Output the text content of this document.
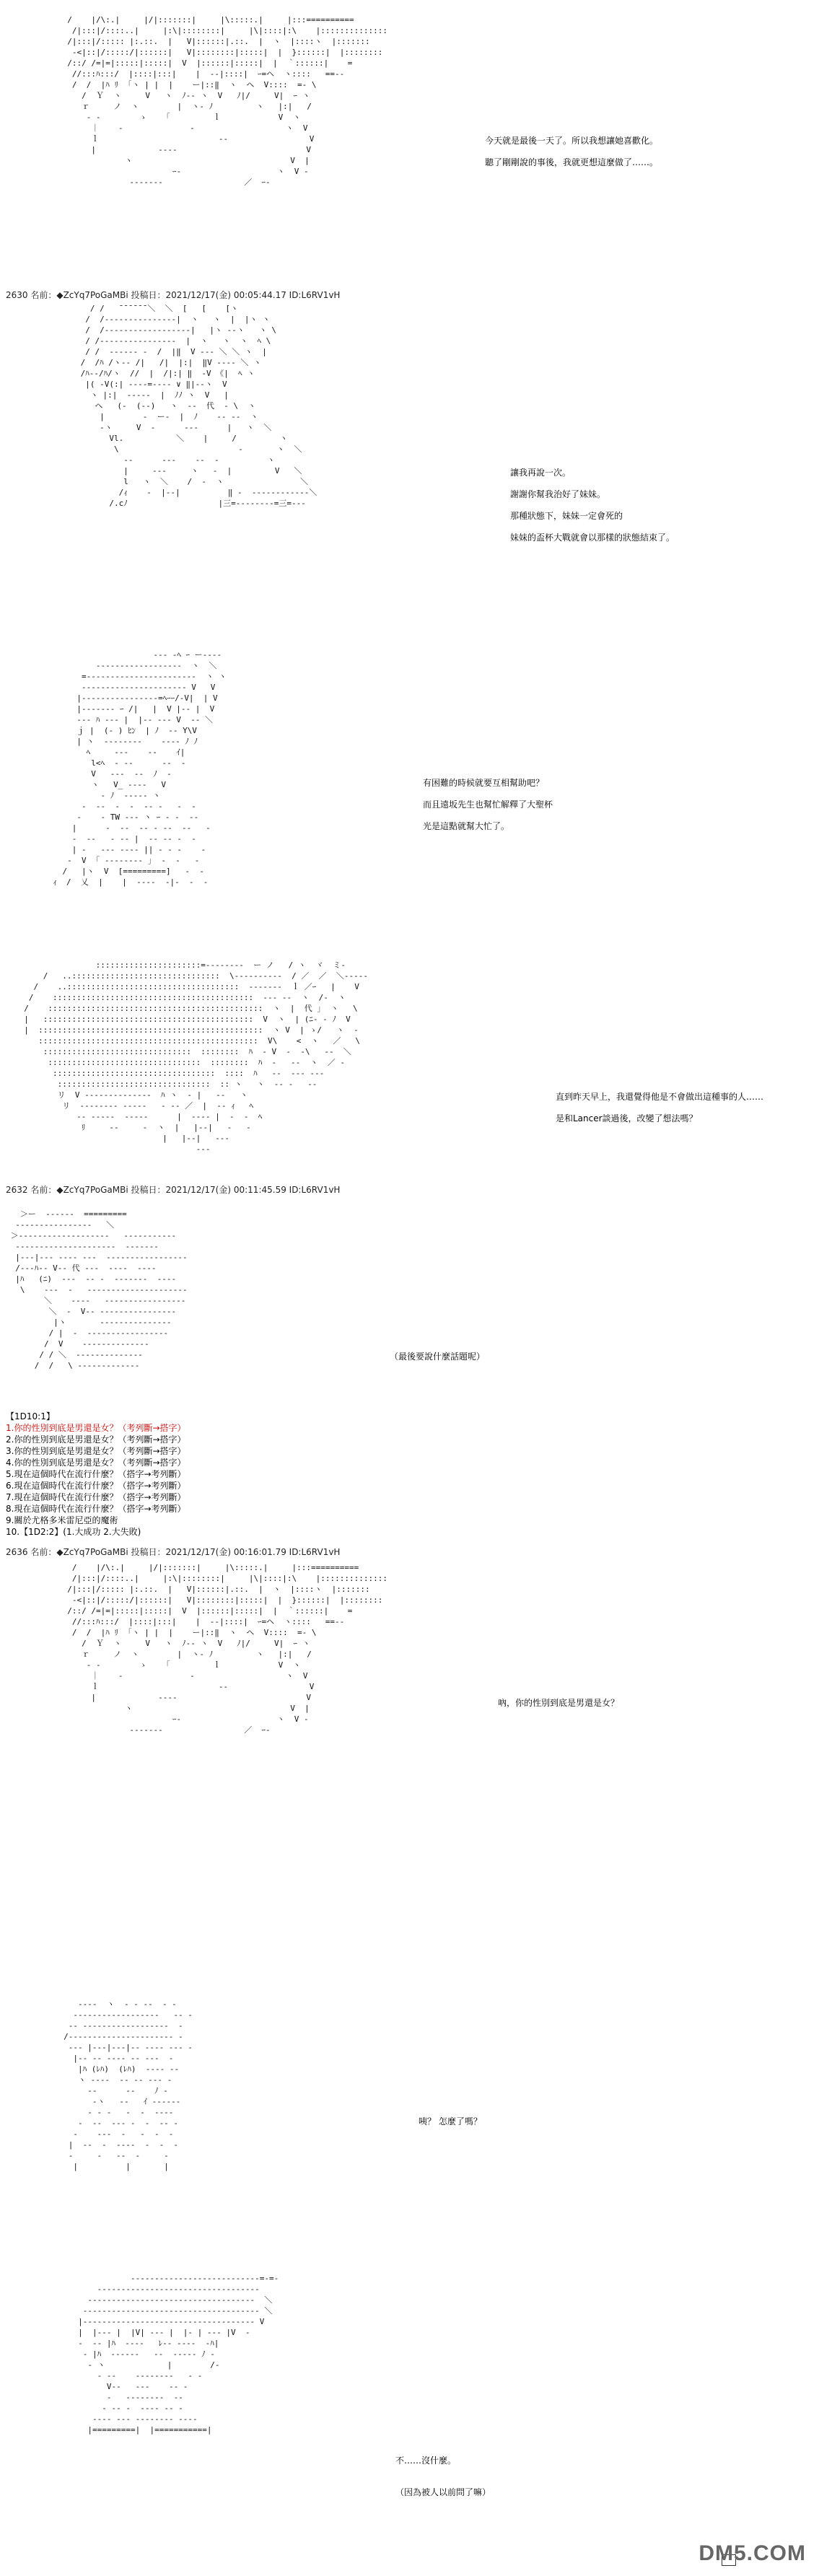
/    |/\:.|     |/|:::::::|     |\:::::.|     |:::==========
/|:::|/::::..|     |:\|::::::::|     |\|::::|:\    |::::::::::::::
/|:::|/::::: |:.::.  |   V|::::::|.::.  |  ヽ  |::::ヽ  |:::::::
‐<|::|/:::::/|::::::|   V|::::::::|:::::|  |  }::::::|  |::::::::
/::/ /=|=|:::::|:::::|  V  |::::::|:::::|  |  ｀::::::|    =
//:::ﾊ:::/  |::::|:::|    |  ‐‐|::::|  ｰ=ヘ  ヽ::::   ==‐‐
/  /  |ﾊ ﾘ  ｢ヽ | |  |    ー|::‖  ヽ  ヘ  V::::  =‐ \
/  Ｙ  ヽ     V   ヽ  ﾉ‐‐ ヽ  V   ﾉ|/     V|  ｰ ヽ
ｒ     ノ  ヽ        |  ヽ‐ ﾉ         ヽ   |:|   /
‐ ‐        ゝ    ｢         ｌ            V  ヽ
｜    ‐              ‐                   ヽ  V
ｌ                         ‐‐                 V
|             ‐‐‐‐                           V
ヽ                                 V  |
ｰ‐                    ヽ  V ‐
‐‐‐‐‐‐‐                 ／  ｰ‐
今天就是最後一天了。所以我想讓她喜歡化。
聽了剛剛說的事後，我就更想這麼做了……。
2630 名前：◆ZcYq7PoGaMBi 投稿日：2021/12/17(金) 00:05:44.17 ID:L6RV1vH
/ /   ̄ ̄ ̄ ̄ ̄ ̄ ＼  ＼  [   [    [ヽ
/  /‐‐‐‐‐‐‐‐‐‐‐‐‐‐‐|  ヽ   ヽ  |  |ヽ ヽ
/  /‐‐‐‐‐‐‐‐‐‐‐‐‐‐‐‐‐‐|   |ヽ ‐‐ヽ   ヽ \
/ /‐‐‐‐‐‐‐‐‐‐‐‐‐‐‐‐  |  ヽ   ヽ  ヽ  ﾍ \
/ /  ‐‐‐‐‐‐ ‐  /  |‖  V ‐‐‐ ＼ ＼ ヽ  |
/  /ﾊ /ヽ‐‐ /|   /|  |:|  ‖V ‐‐‐‐ ＼ ヽ
/ﾊ‐‐/ﾊ/ヽ  //  |  /|:| ‖  ‐V 《|  ﾍ ヽ
|( ‐V(:| ‐‐‐‐=‐‐‐‐ ∨ ‖|‐‐ヽ  V
ヽ |:|  ‐‐‐‐‐  |  ﾉﾉ ヽ  V   |
ヘ   (‐  (‐‐)   ヽ  ‐‐  代  ‐ \  ヽ
|        ‐  ー‐  |  ﾉ    ‐‐ ‐‐  ヽ
‐ヽ     V  ‐      ‐‐‐      |   ヽ  ＼
Vl.           ＼    |     /         ヽ
\                         ‐       ヽ  ＼
‐‐      ‐‐‐    ‐‐  ‐          ヽ
|     ‐‐‐     ヽ   ‐  |         V   ＼
l   ヽ  ＼    /  ‐  ヽ                ＼
/ｨ    ‐  |‐‐|          ‖ ‐  ‐‐‐‐‐‐‐‐‐‐‐‐＼
/.cﾉ                   |三=‐‐‐‐‐‐‐‐=三=‐‐‐
讓我再說一次。
謝謝你幫我治好了妹妹。
那種狀態下，妹妹一定會死的
妹妹的盃杯大戰就會以那樣的狀態結束了。
‐‐‐ ‐ﾍ ｰ ー‐‐‐‐
‐‐‐‐‐‐‐‐‐‐‐‐‐‐‐‐‐‐  ヽ  ＼
=‐‐‐‐‐‐‐‐‐‐‐‐‐‐‐‐‐‐‐‐‐‐‐  ヽ ヽ
‐‐‐‐‐‐‐‐‐‐‐‐‐‐‐‐‐‐‐‐‐‐ V   V
|‐‐‐‐‐‐‐‐‐‐‐‐‐‐‐‐=ﾍｰｰ/‐V|  | V
|‐‐‐‐‐‐‐ ｰ /|   |  V |‐‐ |  V
‐‐‐ ﾊ ‐‐‐ |  |‐‐ ‐‐‐ V  ‐‐ ＼
ｊ |  (‐ ) ﾋﾝ  | ﾉ  ‐‐ Y\V
| ヽ  ‐‐‐‐‐‐‐‐    ‐‐‐‐ ﾉ ﾉ
ﾍ     ‐‐‐    ‐‐    ｲ|
l<ﾍ  ‐ ‐‐      ‐‐  ‐
V   ‐‐‐  ‐‐  ﾉ  ‐
ヽ   V_ ‐‐‐‐   V
‐ ﾉ  ‐‐‐‐‐ ヽ
‐  ‐‐  ‐  ‐  ‐‐ ‐   ‐  ‐
‐    ‐ TW ‐‐‐ ヽ ｰ ‐ ‐  ‐‐
|      ‐  ‐‐  ‐‐ ‐ ‐‐  ‐‐   ‐
‐  ‐‐   ‐ ‐‐ |  ‐‐ ‐‐ ‐  ‐
| ‐   ‐‐‐ ‐‐‐‐ || ‐ ‐ ‐    ‐
‐  V  ｢ ‐‐‐‐‐‐‐‐ ｣  ‐  ‐   ‐
/   |ヽ  V  [=========]   ‐  ‐
ｨ  /  乂  |    |  ‐‐‐‐  ‐|‐  ‐  ‐
有困難的時候就要互相幫助吧？
而且遠坂先生也幫忙解釋了大聖杯
光是這點就幫大忙了。
::::::::::::::::::::::=‐‐‐‐‐‐‐‐  ー ノ   / ヽ  ヾ  ミ‐
/   ..:::::::::::::::::::::::::::::::  \‐‐‐‐‐‐‐‐‐‐  / ／  ／  ＼‐‐‐‐‐
/    ..::::::::::::::::::::::::::::::::::::  ‐‐‐‐‐‐‐  ｌ ／ｰ   |    V
/    ::::::::::::::::::::::::::::::::::::::::::  ‐‐‐ ‐‐  ヽ  /‐  ヽ
/    :::::::::::::::::::::::::::::::::::::::::::::  ヽ  |  代 ｣  ヽ   \
|   ::::::::::::::::::::::::::::::::::::::::::::  V  ヽ  | (ﾆ‐ ‐ ﾉ  V
|  :::::::::::::::::::::::::::::::::::::::::::::::  ヽ V  | ゝ/   ヽ  ‐
::::::::::::::::::::::::::::::::::::::::::::::  V\    <  ヽ   ／   \
:::::::::::::::::::::::::::::::  ::::::::  ﾊ  ‐ V  ‐  ‐\   ‐‐  ＼
::::::::::::::::::::::::::::::::  ::::::::  ﾊ  ‐   ‐‐  ヽ  ／ ‐
::::::::::::::::::::::::::::::::::  ::::  ﾊ   ‐‐  ‐‐‐ ‐‐‐
::::::::::::::::::::::::::::::::  :: ヽ   ヽ  ‐‐ ‐   ‐‐
リ  V ‐‐‐‐‐‐‐‐‐‐‐‐‐‐  ﾊ ヽ  ‐ |   ‐‐   ヽ
リ  ‐‐‐‐‐‐‐‐ ‐‐‐‐‐   ‐ ‐‐ ／  |  ‐‐ ｨ   ﾍ
‐‐ ‐‐‐‐‐  ‐‐‐‐‐      |  ‐‐‐‐ |  ‐  ‐  ﾍ
ﾘ     ‐‐     ‐  ヽ  |   |‐‐|   ‐   ‐
|   |‐‐|   ‐‐‐
‐‐‐
直到昨天早上，我還覺得他是不會做出這種事的人……
是和Lancer談過後，改變了想法嗎？
2632 名前：◆ZcYq7PoGaMBi 投稿日：2021/12/17(金) 00:11:45.59 ID:L6RV1vH
＞ー  ‐‐‐‐‐‐  =========
‐‐‐‐‐‐‐‐‐‐‐‐‐‐‐‐   ＼
＞‐‐‐‐‐‐‐‐‐‐‐‐‐‐‐‐‐‐‐   ‐‐‐‐‐‐‐‐‐‐‐
‐‐‐‐‐‐‐‐‐‐‐‐‐‐‐‐‐‐‐‐‐  ‐‐‐‐‐‐‐
|‐‐‐|‐‐‐ ‐‐‐‐ ‐‐‐  ‐‐‐‐‐‐‐‐‐‐‐‐‐‐‐‐‐
/‐‐‐ﾊ‐‐ V‐‐ 代 ‐‐‐  ‐‐‐‐  ‐‐‐‐
|ﾊ   (ﾆ)  ‐‐‐  ‐‐ ‐  ‐‐‐‐‐‐‐  ‐‐‐‐
\    ‐‐‐  ‐   ‐‐‐‐‐‐‐‐‐‐‐‐‐‐‐‐‐‐‐‐‐
＼    ‐‐‐‐   ‐‐‐‐‐‐‐‐‐‐‐‐‐‐‐‐‐
＼  ‐  V‐‐ ‐‐‐‐‐‐‐‐‐‐‐‐‐‐‐‐
|ヽ       ‐‐‐‐‐‐‐‐‐‐‐‐‐‐‐
/ |  ‐  ‐‐‐‐‐‐‐‐‐‐‐‐‐‐‐‐‐
/  V    ‐‐‐‐‐‐‐‐‐‐‐‐‐‐
/ / ＼  ‐‐‐‐‐‐‐‐‐‐‐‐‐‐
/  /   \ ‐‐‐‐‐‐‐‐‐‐‐‐‐
（最後要說什麼話題呢）
【1D10:1】
1.你的性別到底是男還是女？（考列斷→搭字）
2.你的性別到底是男還是女？（考列斷→搭字）
3.你的性別到底是男還是女？（考列斷→搭字）
4.你的性別到底是男還是女？（考列斷→搭字）
5.現在這個時代在流行什麼？（搭字→考列斷）
6.現在這個時代在流行什麼？（搭字→考列斷）
7.現在這個時代在流行什麼？（搭字→考列斷）
8.現在這個時代在流行什麼？（搭字→考列斷）
9.關於尤格多米雷尼亞的魔術
10.【1D2:2】(1.大成功 2.大失敗)
2636 名前：◆ZcYq7PoGaMBi 投稿日：2021/12/17(金) 00:16:01.79 ID:L6RV1vH
/    |/\:.|     |/|:::::::|     |\:::::.|     |:::==========
/|:::|/::::..|     |:\|::::::::|     |\|::::|:\    |::::::::::::::
/|:::|/::::: |:.::.  |   V|::::::|.::.  |  ヽ  |::::ヽ  |:::::::
‐<|::|/:::::/|::::::|   V|::::::::|:::::|  |  }::::::|  |::::::::
/::/ /=|=|:::::|:::::|  V  |::::::|:::::|  |  ｀::::::|    =
//:::ﾊ:::/  |::::|:::|    |  ‐‐|::::|  ｰ=ヘ  ヽ::::   ==‐‐
/  /  |ﾊ ﾘ  ｢ヽ | |  |    ー|::‖  ヽ  ヘ  V::::  =‐ \
/  Ｙ  ヽ     V   ヽ  ﾉ‐‐ ヽ  V   ﾉ|/     V|  ｰ ヽ
ｒ     ノ  ヽ        |  ヽ‐ ﾉ         ヽ   |:|   /
‐ ‐        ゝ    ｢         ｌ            V  ヽ
｜    ‐              ‐                   ヽ  V
ｌ                         ‐‐                 V
|             ‐‐‐‐                           V
ヽ                                 V  |
ｰ‐                    ヽ  V ‐
‐‐‐‐‐‐‐                 ／  ｰ‐
吶，你的性別到底是男還是女？
‐‐‐‐  ヽ  ‐ ‐ ‐‐  ‐ ‐
‐‐‐‐‐‐‐‐‐‐‐‐‐‐‐‐‐‐   ‐‐ ‐
‐‐ ‐‐‐‐‐‐‐‐‐‐‐‐‐‐‐‐‐‐  ‐
/‐‐‐‐‐‐‐‐‐‐‐‐‐‐‐‐‐‐‐‐‐‐ ‐
‐‐‐ |‐‐‐|‐‐‐|‐‐ ‐‐‐‐ ‐‐‐ ‐
|‐‐ ‐‐ ‐‐‐‐ ‐‐ ‐‐‐  ‐
|ﾊ (ﾚﾊ)  (ﾚﾊ)  ‐‐‐‐ ‐‐
ヽ ‐‐‐‐  ‐‐ ‐‐ ‐‐‐ ‐
‐‐      ‐‐    ﾉ ‐
‐ヽ   ‐‐   ｲ ‐‐‐‐‐‐
‐ ‐ ‐   ‐  ‐  ‐‐‐‐
‐  ‐‐  ‐‐‐ ‐  ‐  ‐‐ ‐
‐    ‐‐‐  ‐   ‐  ‐  ‐
|  ‐‐  ‐  ‐‐‐‐  ‐  ‐  ‐
‐     ‐   ‐‐  ‐     ‐
|          |       |
咦？ 怎麼了嗎？
‐‐‐‐‐‐‐‐‐‐‐‐‐‐‐‐‐‐‐‐‐‐‐‐‐‐‐=‐=‐
‐‐‐‐‐‐‐‐‐‐‐‐‐‐‐‐‐‐‐‐‐‐‐‐‐‐‐‐‐‐‐‐‐‐
‐‐‐‐‐‐‐‐‐‐‐‐‐‐‐‐‐‐‐‐‐‐‐‐‐‐‐‐‐‐‐‐‐‐‐  ＼
‐‐‐‐‐‐‐‐‐‐‐‐‐‐‐‐‐‐‐‐‐‐‐‐‐‐‐‐‐‐‐‐‐‐‐‐‐ ＼
|‐‐‐‐‐‐‐‐‐‐‐‐‐‐‐‐‐‐‐‐‐‐‐‐‐‐‐‐‐‐‐‐‐‐‐‐ V
|  |‐‐‐ |  |V| ‐‐‐ |  |‐ | ‐‐‐ |V  ‐
‐  ‐‐ |ﾊ  ‐‐‐‐   ﾚ‐‐ ‐‐‐‐  ‐ﾊ|
‐ |ﾊ  ‐‐‐‐‐‐   ‐‐  ‐‐‐‐‐ ﾉ ‐
‐ ヽ             |        /‐
‐ ‐‐    ‐‐‐‐‐‐‐‐   ‐ ‐
V‐‐   ‐‐‐    ‐‐ ‐
‐   ‐‐‐‐‐‐‐‐  ‐‐
‐ ‐‐ ‐  ‐‐‐‐ ‐‐ ‐
‐‐‐‐ ‐‐‐ ‐‐‐‐‐‐‐‐ ‐‐‐‐
|=========|  |===========|
不……沒什麼。
（因為被人以前問了嘛）
DM5.COM
